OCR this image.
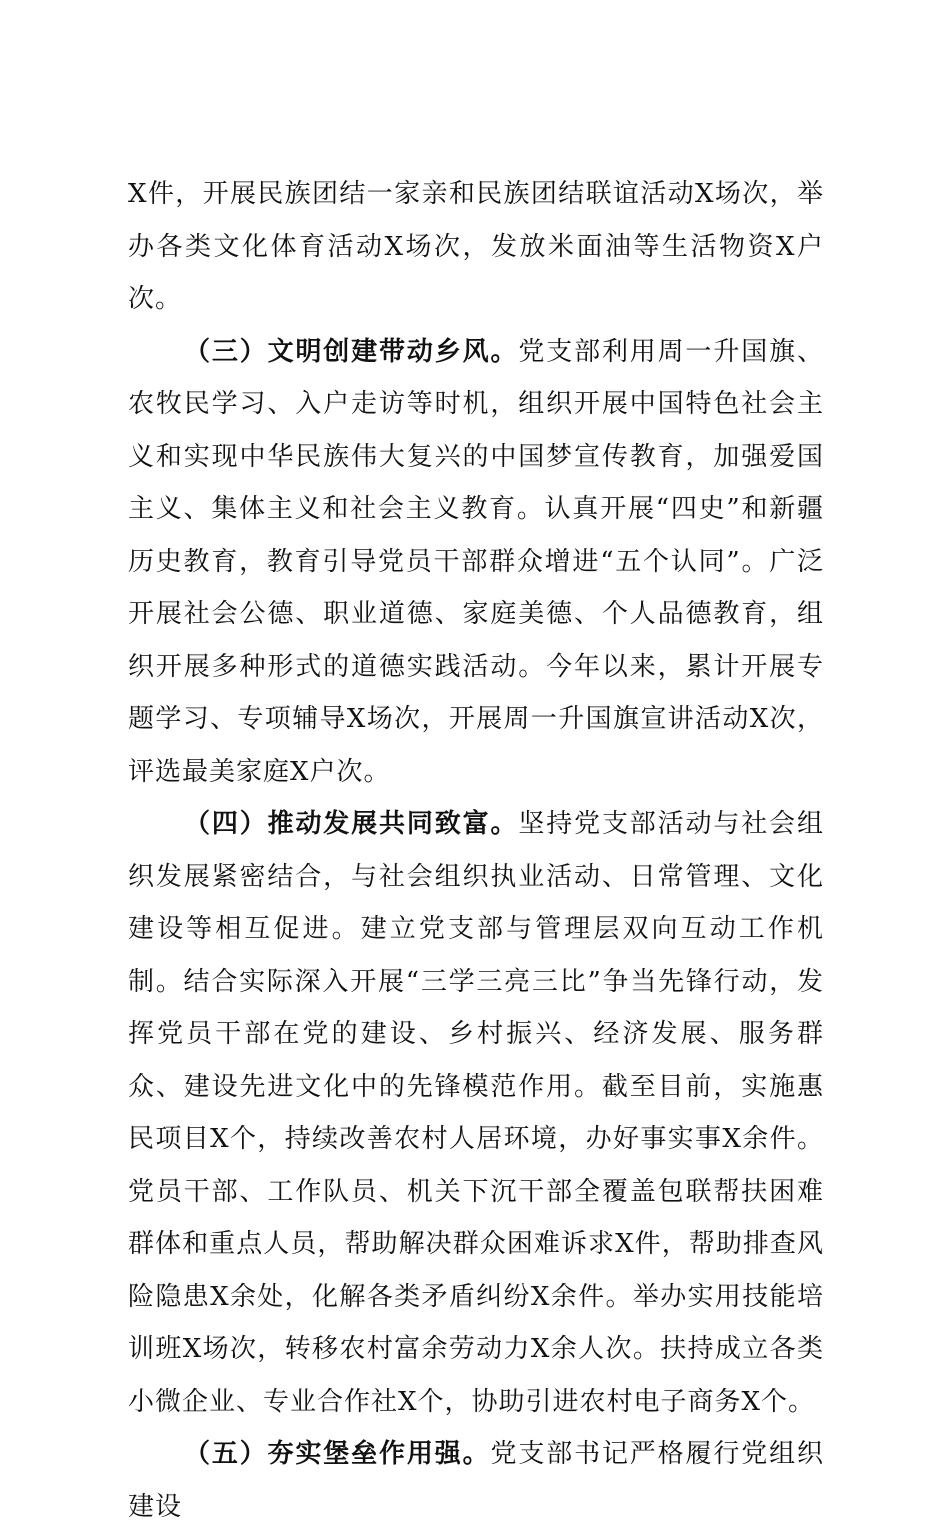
X件，开展民族团结一家亲和民族团结联谊活动X场次，举办各类文化体育活动X场次，发放米面油等生活物资X户次。

（三）文明创建带动乡风。党支部利用周一升国旗、农牧民学习、入户走访等时机，组织开展中国特色社会主义和实现中华民族伟大复兴的中国梦宣传教育，加强爱国主义、集体主义和社会主义教育。认真开展“四史”和新疆历史教育，教育引导党员干部群众增进“五个认同”。广泛开展社会公德、职业道德、家庭美德、个人品德教育，组织开展多种形式的道德实践活动。今年以来，累计开展专题学习、专项辅导X场次，开展周一升国旗宣讲活动X次，评选最美家庭X户次。

（四）推动发展共同致富。坚持党支部活动与社会组织发展紧密结合，与社会组织执业活动、日常管理、文化建设等相互促进。建立党支部与管理层双向互动工作机制。结合实际深入开展“三学三亮三比”争当先锋行动，发挥党员干部在党的建设、乡村振兴、经济发展、服务群众、建设先进文化中的先锋模范作用。截至目前，实施惠民项目X个，持续改善农村人居环境，办好事实事X余件。党员干部、工作队员、机关下沉干部全覆盖包联帮扶困难群体和重点人员，帮助解决群众困难诉求X件，帮助排查风险隐患X余处，化解各类矛盾纠纷X余件。举办实用技能培训班X场次，转移农村富余劳动力X余人次。扶持成立各类小微企业、专业合作社X个，协助引进农村电子商务X个。

（五）夯实堡垒作用强。党支部书记严格履行党组织建设
